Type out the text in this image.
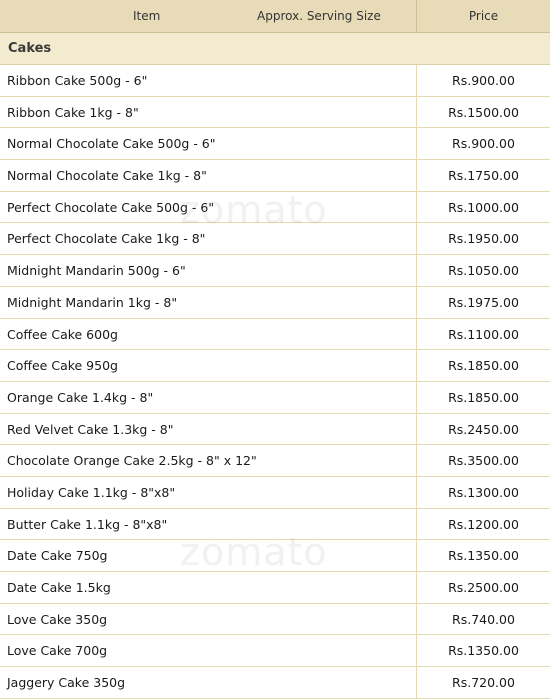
Item	Approx. Serving Size	Price
Cakes
Ribbon Cake 500g - 6"	Rs.900.00
Ribbon Cake 1kg - 8"	Rs.1500.00
Normal Chocolate Cake 500g - 6"	Rs.900.00
Normal Chocolate Cake 1kg - 8"	Rs.1750.00
Perfect Chocolate Cake 500g - 6"	Rs.1000.00
Perfect Chocolate Cake 1kg - 8"	Rs.1950.00
Midnight Mandarin 500g - 6"	Rs.1050.00
Midnight Mandarin 1kg - 8"	Rs.1975.00
Coffee Cake 600g	Rs.1100.00
Coffee Cake 950g	Rs.1850.00
Orange Cake 1.4kg - 8"	Rs.1850.00
Red Velvet Cake 1.3kg - 8"	Rs.2450.00
Chocolate Orange Cake 2.5kg - 8" x 12"	Rs.3500.00
Holiday Cake 1.1kg - 8"x8"	Rs.1300.00
Butter Cake 1.1kg - 8"x8"	Rs.1200.00
Date Cake 750g	Rs.1350.00
Date Cake 1.5kg	Rs.2500.00
Love Cake 350g	Rs.740.00
Love Cake 700g	Rs.1350.00
Jaggery Cake 350g	Rs.720.00
zomato
zomato
